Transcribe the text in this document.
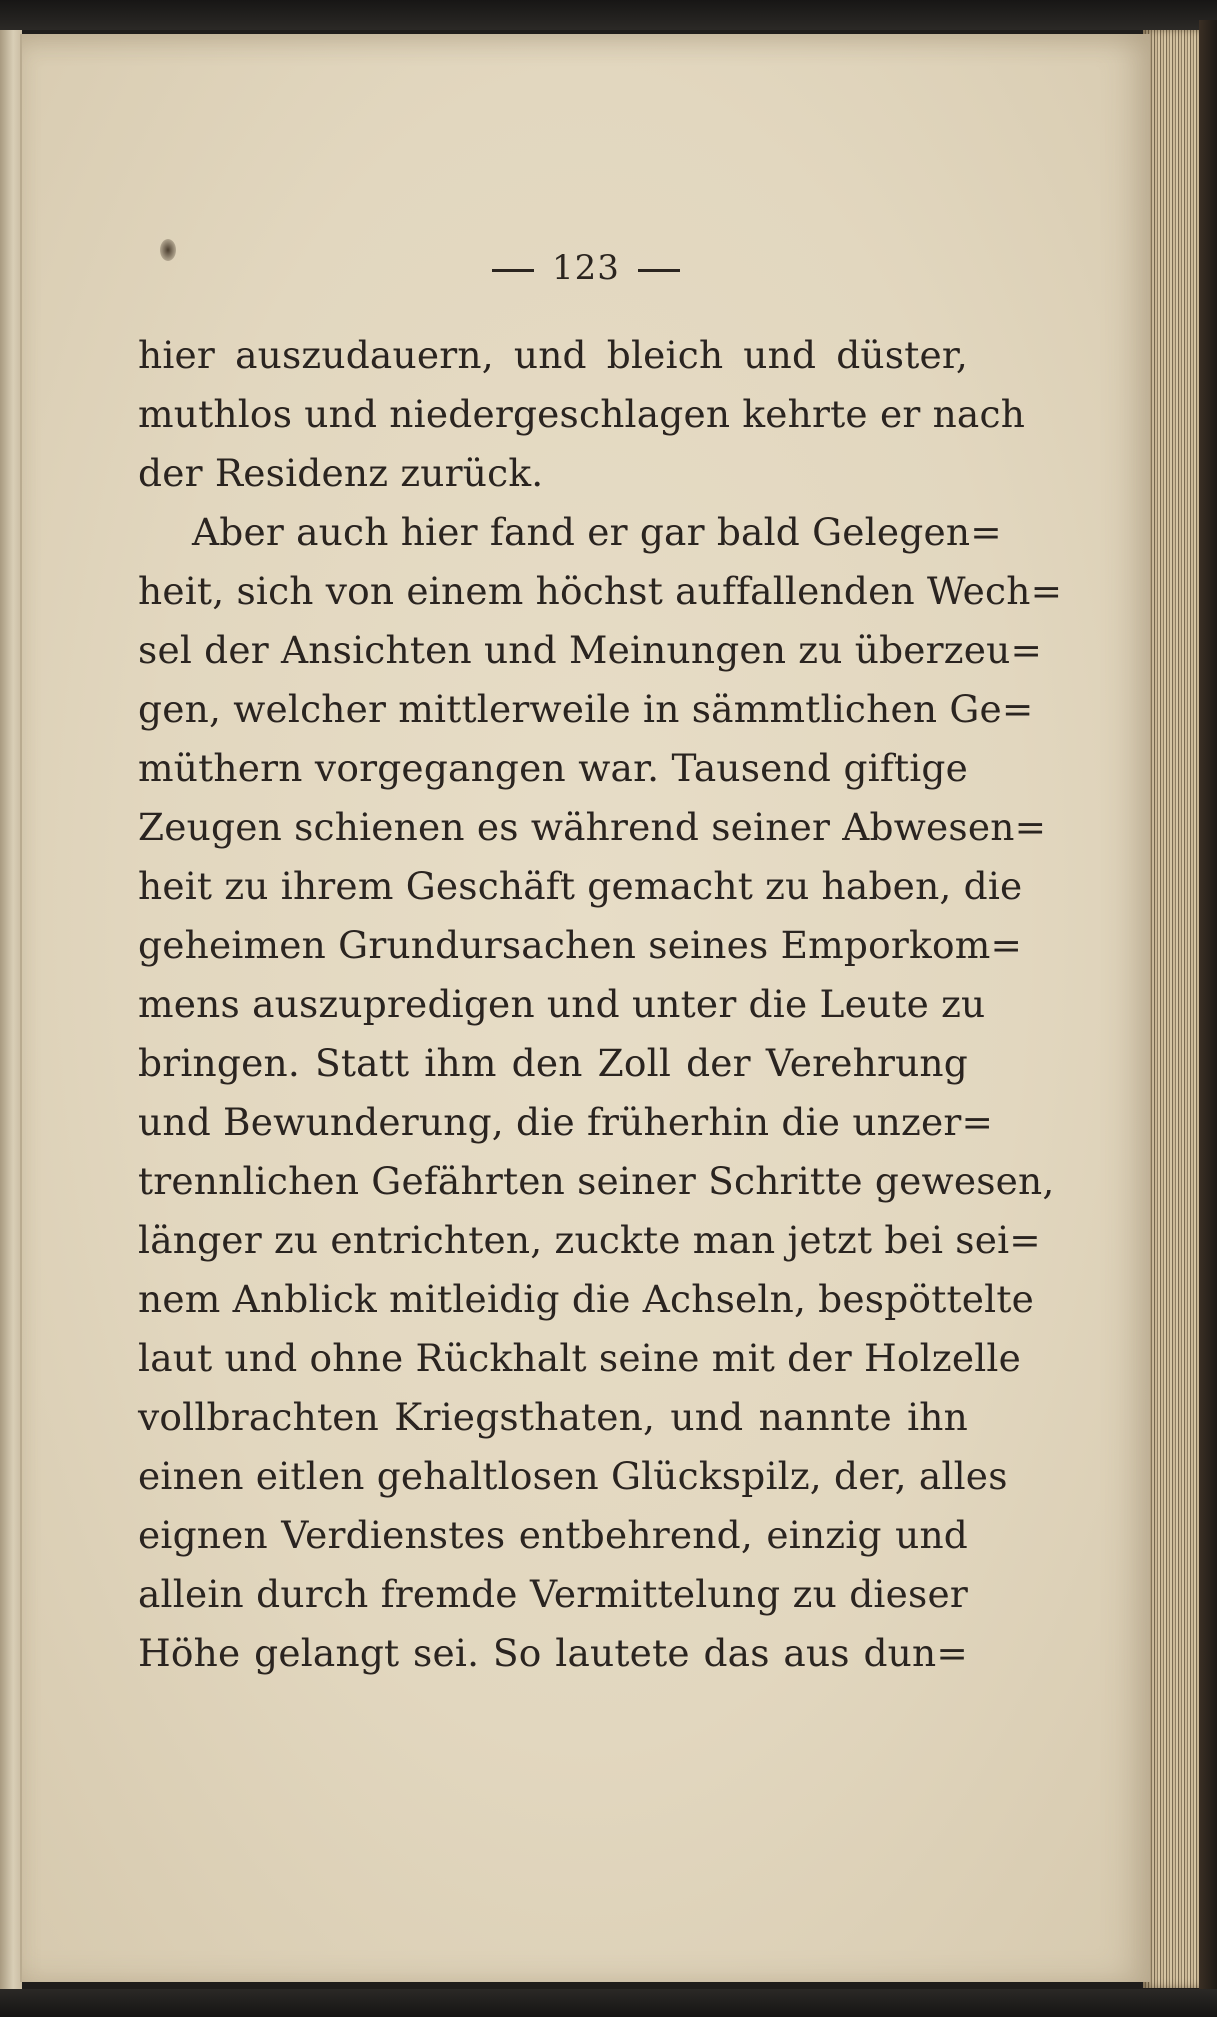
123
hier auszudauern, und bleich und düster,
muthlos und niedergeschlagen kehrte er nach
der Residenz zurück.
Aber auch hier fand er gar bald Gelegen=
heit, sich von einem höchst auffallenden Wech=
sel der Ansichten und Meinungen zu überzeu=
gen, welcher mittlerweile in sämmtlichen Ge=
müthern vorgegangen war. Tausend giftige
Zeugen schienen es während seiner Abwesen=
heit zu ihrem Geschäft gemacht zu haben, die
geheimen Grundursachen seines Emporkom=
mens auszupredigen und unter die Leute zu
bringen. Statt ihm den Zoll der Verehrung
und Bewunderung, die früherhin die unzer=
trennlichen Gefährten seiner Schritte gewesen,
länger zu entrichten, zuckte man jetzt bei sei=
nem Anblick mitleidig die Achseln, bespöttelte
laut und ohne Rückhalt seine mit der Holzelle
vollbrachten Kriegsthaten, und nannte ihn
einen eitlen gehaltlosen Glückspilz, der, alles
eignen Verdienstes entbehrend, einzig und
allein durch fremde Vermittelung zu dieser
Höhe gelangt sei. So lautete das aus dun=
